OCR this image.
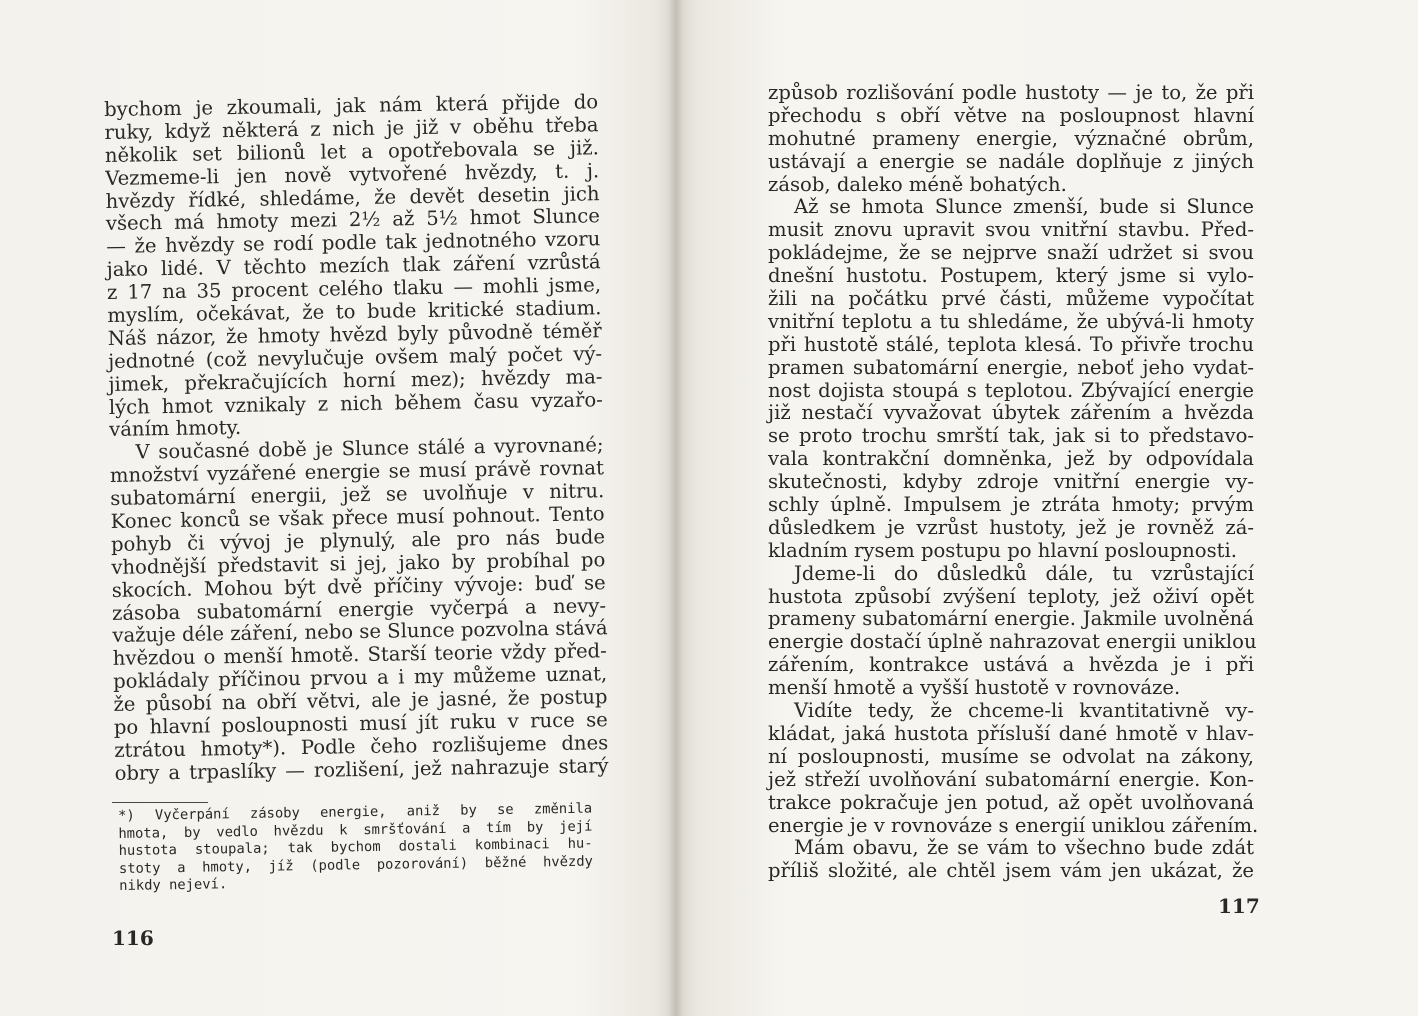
bychom je zkoumali, jak nám která přijde do
ruky, když některá z nich je již v oběhu třeba
několik set bilionů let a opotřebovala se již.
Vezmeme-li jen nově vytvořené hvězdy, t. j.
hvězdy řídké, shledáme, že devět desetin jich
všech má hmoty mezi 2½ až 5½ hmot Slunce
— že hvězdy se rodí podle tak jednotného vzoru
jako lidé. V těchto mezích tlak záření vzrůstá
z 17 na 35 procent celého tlaku — mohli jsme,
myslím, očekávat, že to bude kritické stadium.
Náš názor, že hmoty hvězd byly původně téměř
jednotné (což nevylučuje ovšem malý počet vý-
jimek, překračujících horní mez); hvězdy ma-
lých hmot vznikaly z nich během času vyzařo-
váním hmoty.
V současné době je Slunce stálé a vyrovnané;
množství vyzářené energie se musí právě rovnat
subatomární energii, jež se uvolňuje v nitru.
Konec konců se však přece musí pohnout. Tento
pohyb či vývoj je plynulý, ale pro nás bude
vhodnější představit si jej, jako by probíhal po
skocích. Mohou být dvě příčiny vývoje: buď se
zásoba subatomární energie vyčerpá a nevy-
važuje déle záření, nebo se Slunce pozvolna stává
hvězdou o menší hmotě. Starší teorie vždy před-
pokládaly příčinou prvou a i my můžeme uznat,
že působí na obří větvi, ale je jasné, že postup
po hlavní posloupnosti musí jít ruku v ruce se
ztrátou hmoty*). Podle čeho rozlišujeme dnes
obry a trpaslíky — rozlišení, jež nahrazuje starý
*) Vyčerpání zásoby energie, aniž by se změnila
hmota, by vedlo hvězdu k smršťování a tím by její
hustota stoupala; tak bychom dostali kombinaci hu-
stoty a hmoty, jíž (podle pozorování) běžné hvězdy
nikdy nejeví.
116
způsob rozlišování podle hustoty — je to, že při
přechodu s obří větve na posloupnost hlavní
mohutné prameny energie, význačné obrům,
ustávají a energie se nadále doplňuje z jiných
zásob, daleko méně bohatých.
Až se hmota Slunce zmenší, bude si Slunce
musit znovu upravit svou vnitřní stavbu. Před-
pokládejme, že se nejprve snaží udržet si svou
dnešní hustotu. Postupem, který jsme si vylo-
žili na počátku prvé části, můžeme vypočítat
vnitřní teplotu a tu shledáme, že ubývá-li hmoty
při hustotě stálé, teplota klesá. To přivře trochu
pramen subatomární energie, neboť jeho vydat-
nost dojista stoupá s teplotou. Zbývající energie
již nestačí vyvažovat úbytek zářením a hvězda
se proto trochu smrští tak, jak si to představo-
vala kontrakční domněnka, jež by odpovídala
skutečnosti, kdyby zdroje vnitřní energie vy-
schly úplně. Impulsem je ztráta hmoty; prvým
důsledkem je vzrůst hustoty, jež je rovněž zá-
kladním rysem postupu po hlavní posloupnosti.
Jdeme-li do důsledků dále, tu vzrůstající
hustota způsobí zvýšení teploty, jež oživí opět
prameny subatomární energie. Jakmile uvolněná
energie dostačí úplně nahrazovat energii uniklou
zářením, kontrakce ustává a hvězda je i při
menší hmotě a vyšší hustotě v rovnováze.
Vidíte tedy, že chceme-li kvantitativně vy-
kládat, jaká hustota přísluší dané hmotě v hlav-
ní posloupnosti, musíme se odvolat na zákony,
jež střeží uvolňování subatomární energie. Kon-
trakce pokračuje jen potud, až opět uvolňovaná
energie je v rovnováze s energií uniklou zářením.
Mám obavu, že se vám to všechno bude zdát
příliš složité, ale chtěl jsem vám jen ukázat, že
117
